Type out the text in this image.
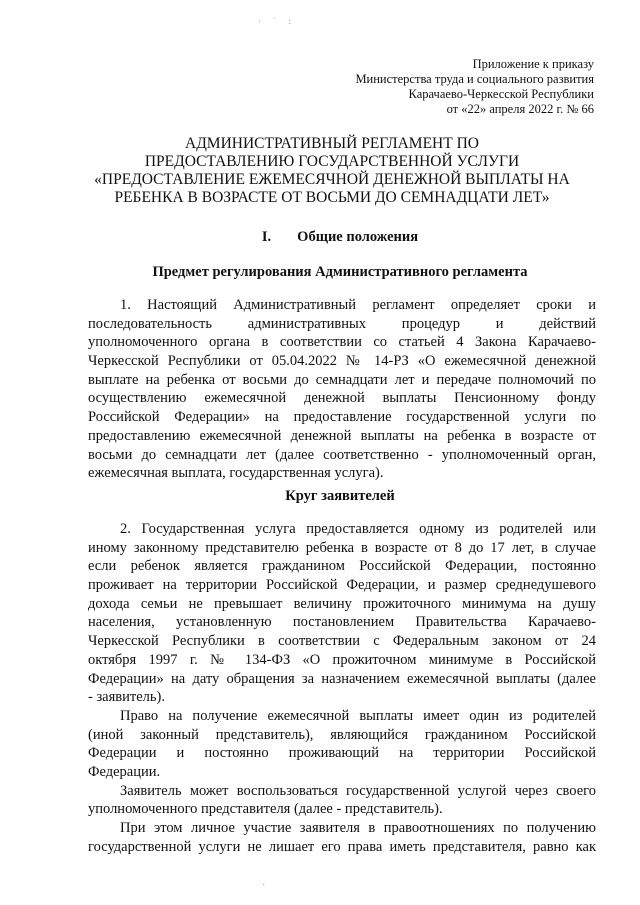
· ˙ :
Приложение к приказу
Министерства труда и социального развития
Карачаево-Черкесской Республики
от «22» апреля 2022 г. № 66
АДМИНИСТРАТИВНЫЙ РЕГЛАМЕНТ ПО
ПРЕДОСТАВЛЕНИЮ ГОСУДАРСТВЕННОЙ УСЛУГИ
«ПРЕДОСТАВЛЕНИЕ ЕЖЕМЕСЯЧНОЙ ДЕНЕЖНОЙ ВЫПЛАТЫ НА
РЕБЕНКА В ВОЗРАСТЕ ОТ ВОСЬМИ ДО СЕМНАДЦАТИ ЛЕТ»
I. Общие положения
Предмет регулирования Административного регламента
1. Настоящий Административный регламент определяет сроки и
последовательность административных процедур и действий
уполномоченного органа в соответствии со статьей 4 Закона Карачаево-
Черкесской Республики от 05.04.2022 № 14-РЗ «О ежемесячной денежной
выплате на ребенка от восьми до семнадцати лет и передаче полномочий по
осуществлению ежемесячной денежной выплаты Пенсионному фонду
Российской Федерации» на предоставление государственной услуги по
предоставлению ежемесячной денежной выплаты на ребенка в возрасте от
восьми до семнадцати лет (далее соответственно - уполномоченный орган,
ежемесячная выплата, государственная услуга).
Круг заявителей
2. Государственная услуга предоставляется одному из родителей или
иному законному представителю ребенка в возрасте от 8 до 17 лет, в случае
если ребенок является гражданином Российской Федерации, постоянно
проживает на территории Российской Федерации, и размер среднедушевого
дохода семьи не превышает величину прожиточного минимума на душу
населения, установленную постановлением Правительства Карачаево-
Черкесской Республики в соответствии с Федеральным законом от 24
октября 1997 г. № 134-ФЗ «О прожиточном минимуме в Российской
Федерации» на дату обращения за назначением ежемесячной выплаты (далее
- заявитель).
Право на получение ежемесячной выплаты имеет один из родителей
(иной законный представитель), являющийся гражданином Российской
Федерации и постоянно проживающий на территории Российской
Федерации.
Заявитель может воспользоваться государственной услугой через своего
уполномоченного представителя (далее - представитель).
При этом личное участие заявителя в правоотношениях по получению
государственной услуги не лишает его права иметь представителя, равно как
·
